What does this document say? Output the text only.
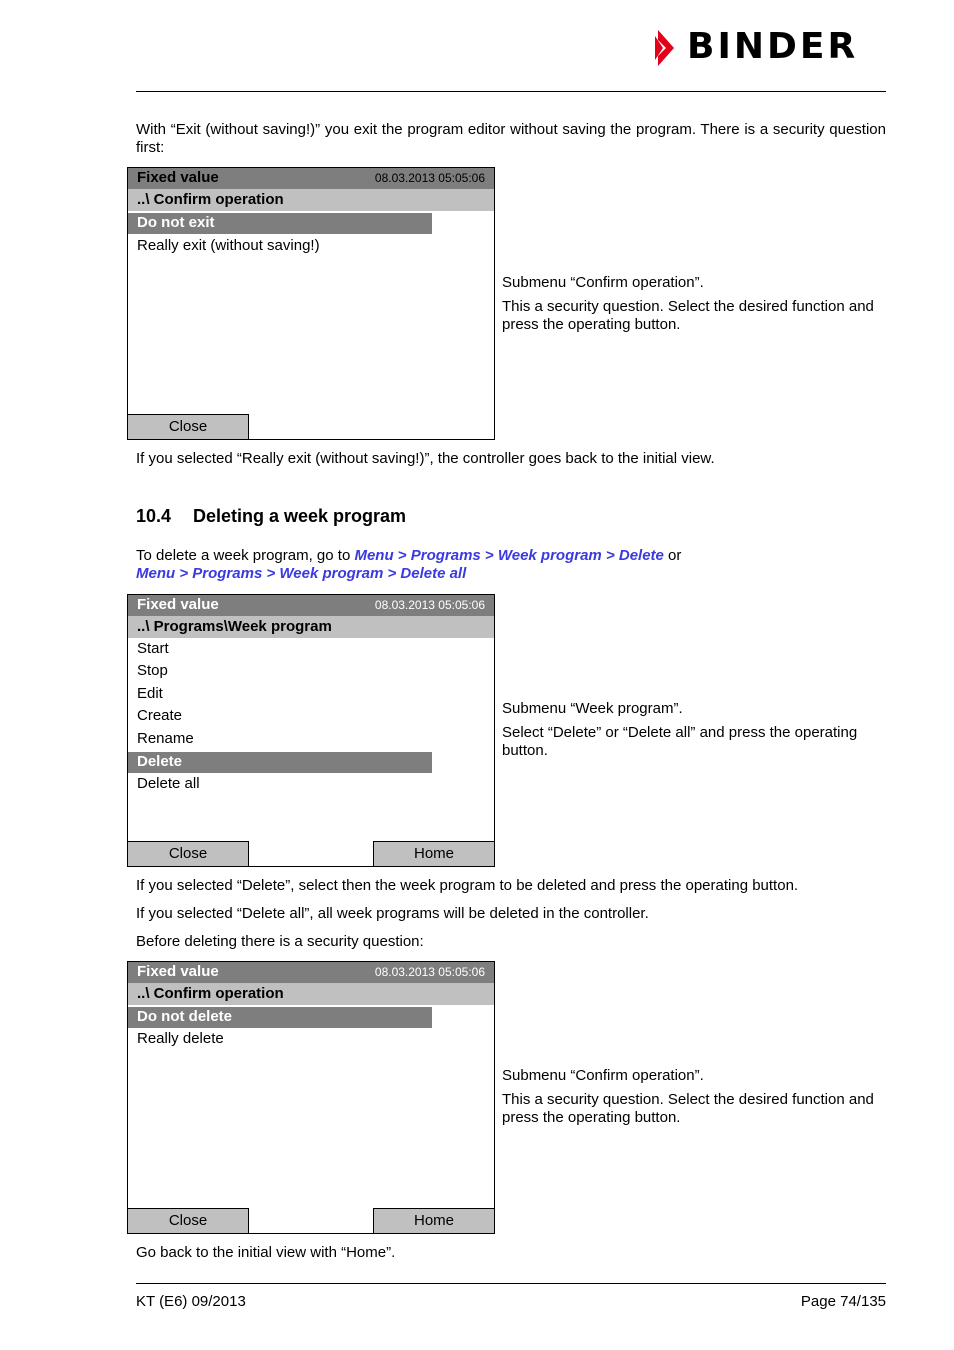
BINDER
With “Exit (without saving!)” you exit the program editor without saving the program. There is a security question first:
Fixed value	08.03.2013 05:05:06
..\ Confirm operation
Do not exit
Really exit (without saving!)
Close

Submenu “Confirm operation”.

This a security question. Select the desired function and press the operating button.

If you selected “Really exit (without saving!)”, the controller goes back to the initial view.
10.4 Deleting a week program
To delete a week program, go to Menu > Programs > Week program > Delete or
Menu > Programs > Week program > Delete all
Fixed value	08.03.2013 05:05:06
..\ Programs\Week program
Start
Stop
Edit
Create
Rename
Delete
Delete all
Close	Home

Submenu “Week program”.

Select “Delete” or “Delete all” and press the operating button.

If you selected “Delete”, select then the week program to be deleted and press the operating button.
If you selected “Delete all”, all week programs will be deleted in the controller.
Before deleting there is a security question:
Fixed value	08.03.2013 05:05:06
..\ Confirm operation
Do not delete
Really delete
Close	Home

Submenu “Confirm operation”.

This a security question. Select the desired function and press the operating button.

Go back to the initial view with “Home”.
KT (E6) 09/2013	Page 74/135
